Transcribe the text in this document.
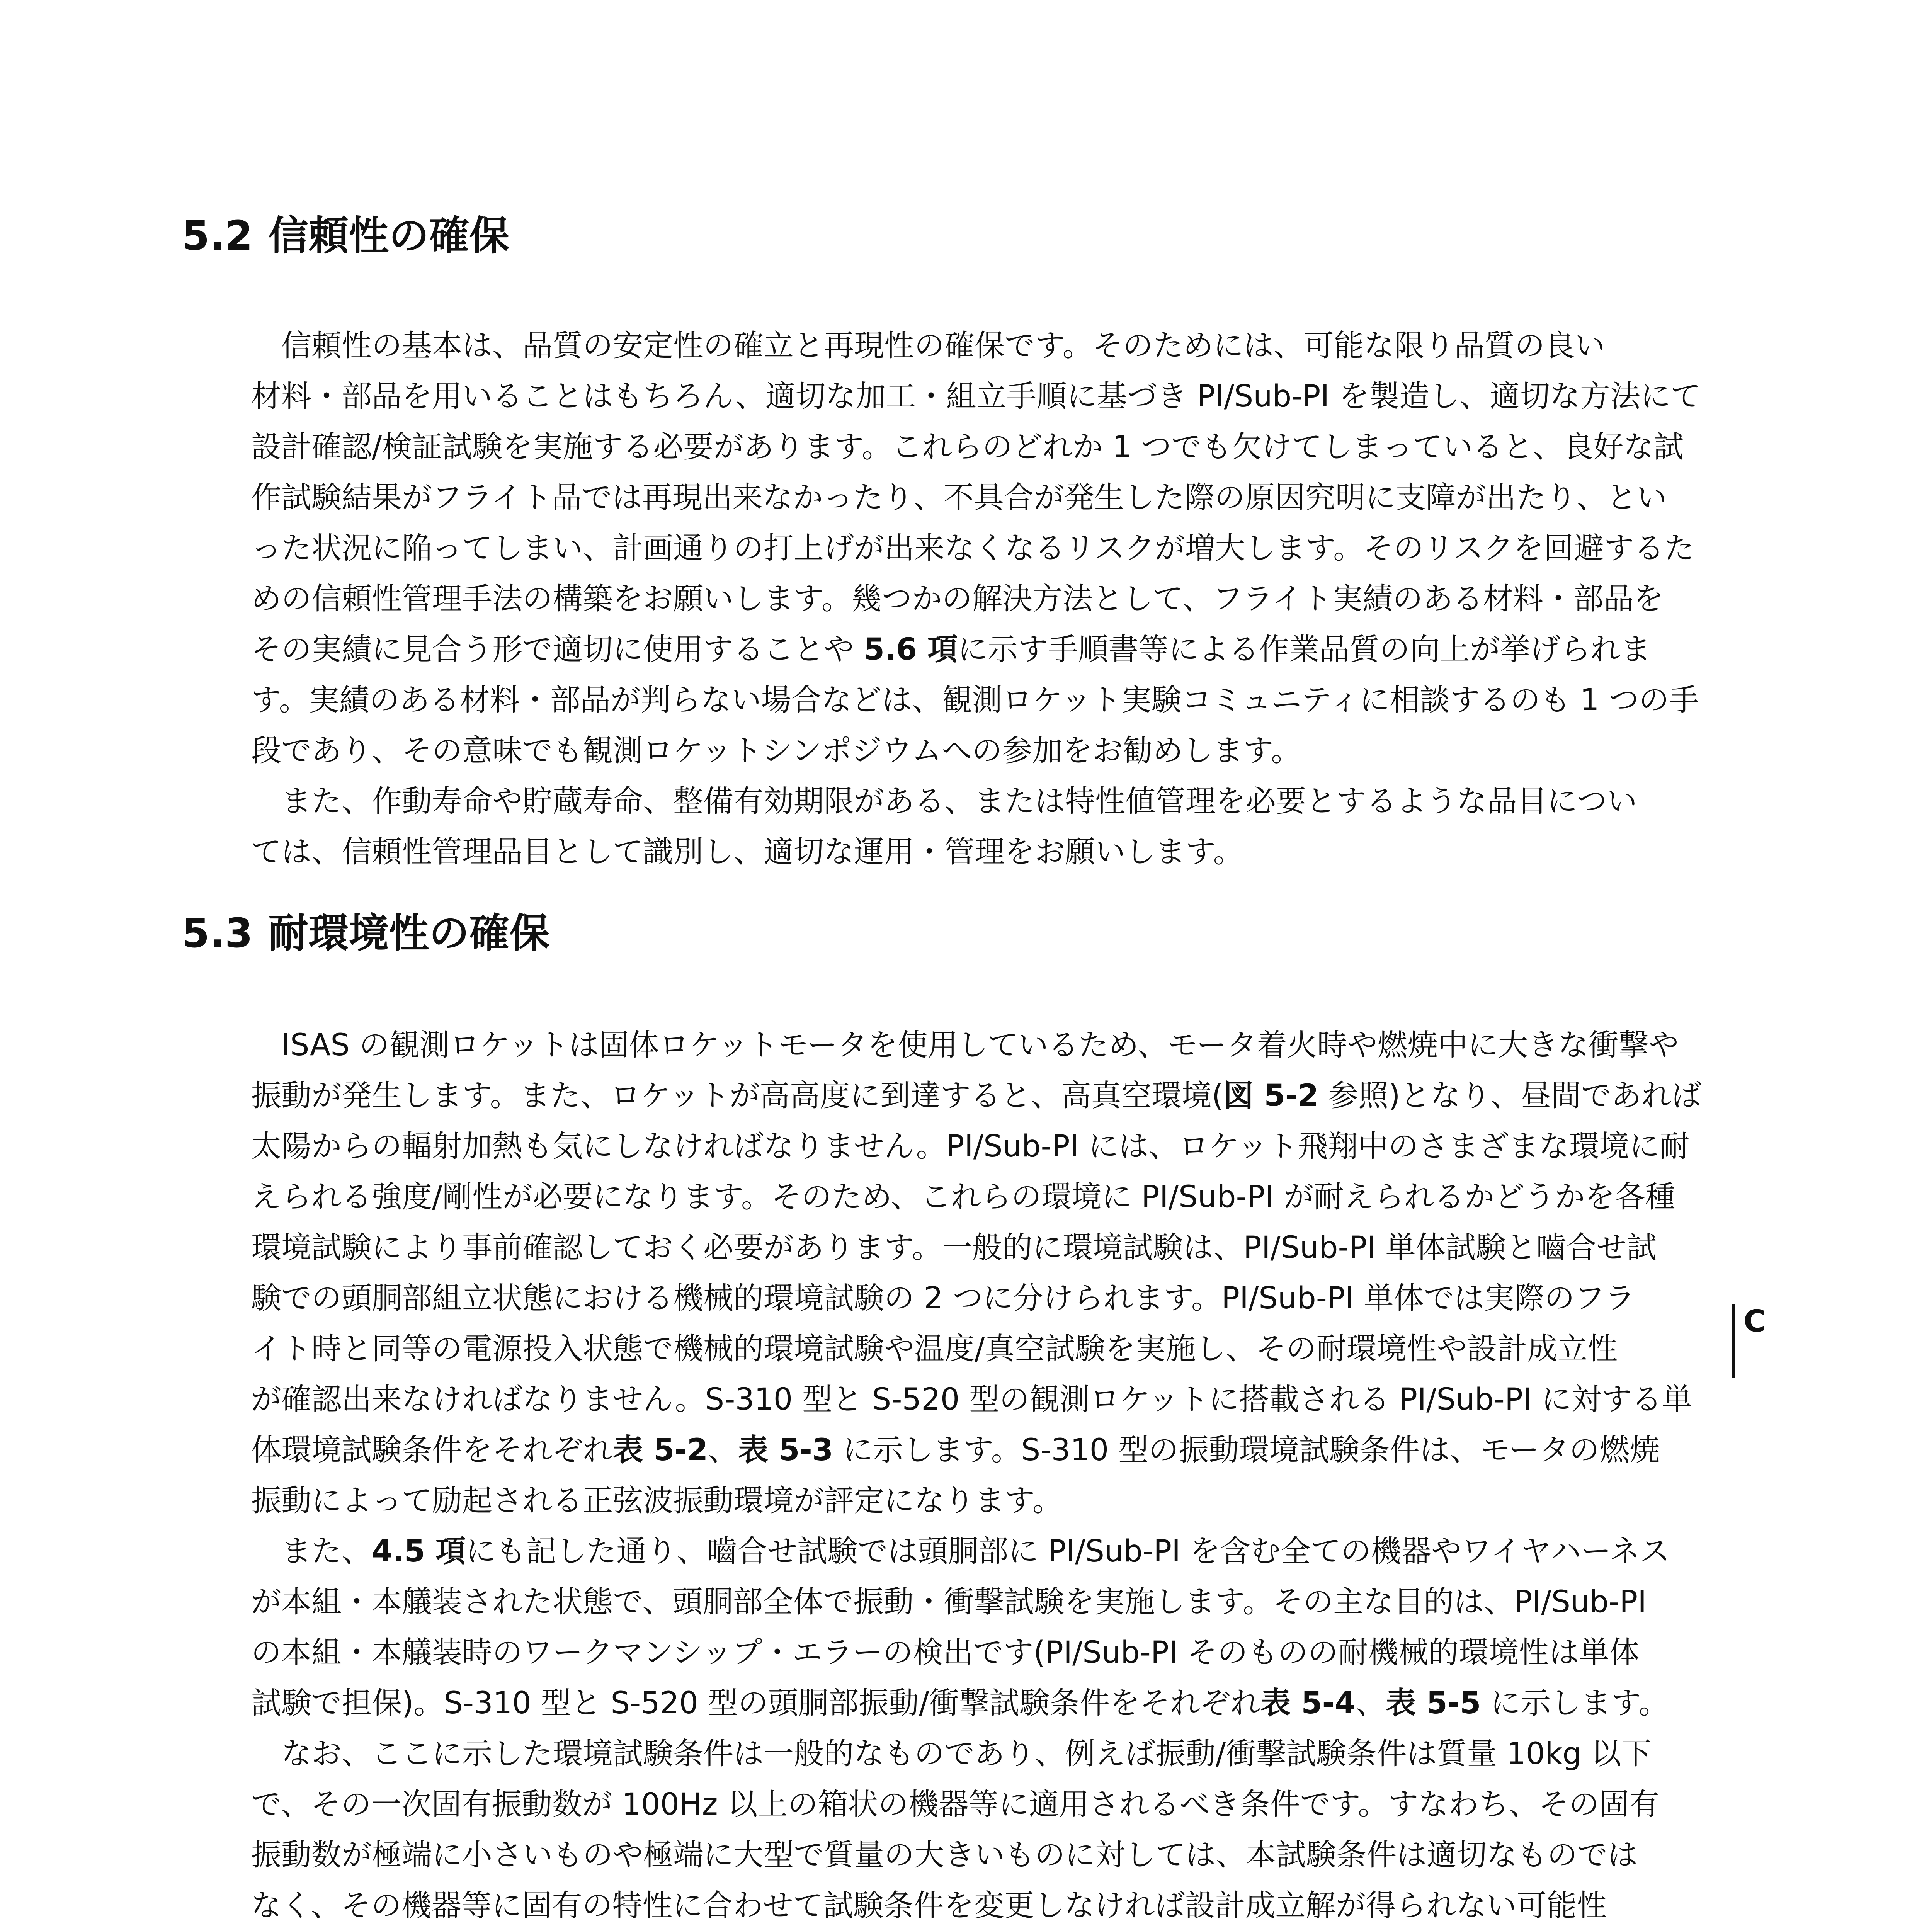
5.2 信頼性の確保
　信頼性の基本は、品質の安定性の確立と再現性の確保です。そのためには、可能な限り品質の良い
材料・部品を用いることはもちろん、適切な加工・組立手順に基づき PI/Sub-PI を製造し、適切な方法にて
設計確認/検証試験を実施する必要があります。これらのどれか 1 つでも欠けてしまっていると、良好な試
作試験結果がフライト品では再現出来なかったり、不具合が発生した際の原因究明に支障が出たり、とい
った状況に陥ってしまい、計画通りの打上げが出来なくなるリスクが増大します。そのリスクを回避するた
めの信頼性管理手法の構築をお願いします。幾つかの解決方法として、フライト実績のある材料・部品を
その実績に見合う形で適切に使用することや 5.6 項に示す手順書等による作業品質の向上が挙げられま
す。実績のある材料・部品が判らない場合などは、観測ロケット実験コミュニティに相談するのも 1 つの手
段であり、その意味でも観測ロケットシンポジウムへの参加をお勧めします。
　また、作動寿命や貯蔵寿命、整備有効期限がある、または特性値管理を必要とするような品目につい
ては、信頼性管理品目として識別し、適切な運用・管理をお願いします。
5.3 耐環境性の確保
　ISAS の観測ロケットは固体ロケットモータを使用しているため、モータ着火時や燃焼中に大きな衝撃や
振動が発生します。また、ロケットが高高度に到達すると、高真空環境(図 5-2 参照)となり、昼間であれば
太陽からの輻射加熱も気にしなければなりません。PI/Sub-PI には、ロケット飛翔中のさまざまな環境に耐
えられる強度/剛性が必要になります。そのため、これらの環境に PI/Sub-PI が耐えられるかどうかを各種
環境試験により事前確認しておく必要があります。一般的に環境試験は、PI/Sub-PI 単体試験と嚙合せ試
験での頭胴部組立状態における機械的環境試験の 2 つに分けられます。PI/Sub-PI 単体では実際のフラ
イト時と同等の電源投入状態で機械的環境試験や温度/真空試験を実施し、その耐環境性や設計成立性
が確認出来なければなりません。S-310 型と S-520 型の観測ロケットに搭載される PI/Sub-PI に対する単
体環境試験条件をそれぞれ表 5-2、表 5-3 に示します。S-310 型の振動環境試験条件は、モータの燃焼
振動によって励起される正弦波振動環境が評定になります。
　また、4.5 項にも記した通り、嚙合せ試験では頭胴部に PI/Sub-PI を含む全ての機器やワイヤハーネス
が本組・本艤装された状態で、頭胴部全体で振動・衝撃試験を実施します。その主な目的は、PI/Sub-PI
の本組・本艤装時のワークマンシップ・エラーの検出です(PI/Sub-PI そのものの耐機械的環境性は単体
試験で担保)。S-310 型と S-520 型の頭胴部振動/衝撃試験条件をそれぞれ表 5-4、表 5-5 に示します。
　なお、ここに示した環境試験条件は一般的なものであり、例えば振動/衝撃試験条件は質量 10kg 以下
で、その一次固有振動数が 100Hz 以上の箱状の機器等に適用されるべき条件です。すなわち、その固有
振動数が極端に小さいものや極端に大型で質量の大きいものに対しては、本試験条件は適切なものでは
なく、その機器等に固有の特性に合わせて試験条件を変更しなければ設計成立解が得られない可能性
C
